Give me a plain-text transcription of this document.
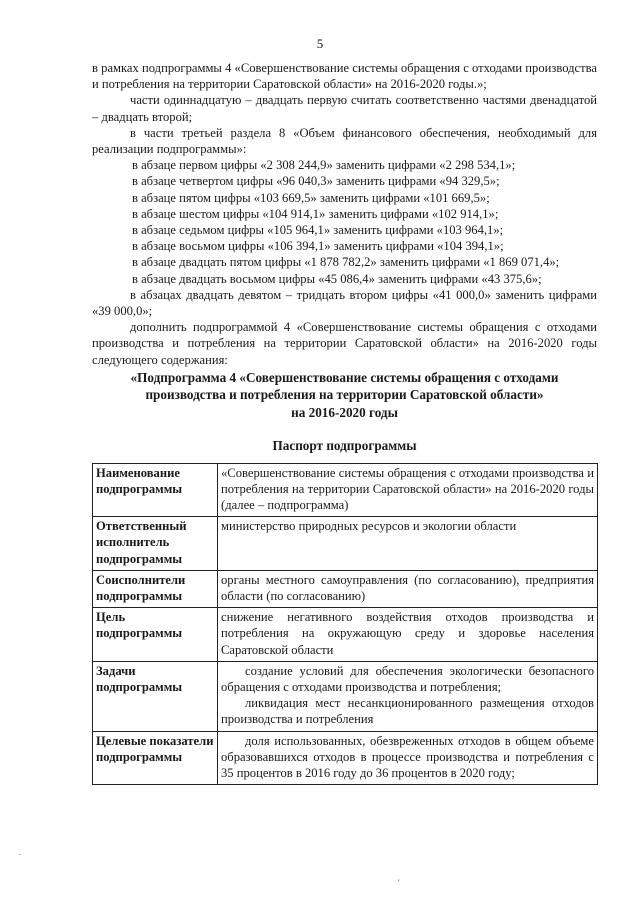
5

в рамках подпрограммы 4 «Совершенствование системы обращения с отходами производства и потребления на территории Саратовской области» на 2016-2020 годы.»;

части одиннадцатую – двадцать первую считать соответственно частями двенадцатой – двадцать второй;

в части третьей раздела 8 «Объем финансового обеспечения, необходимый для реализации подпрограммы»:

в абзаце первом цифры «2 308 244,9» заменить цифрами «2 298 534,1»;

в абзаце четвертом цифры «96 040,3» заменить цифрами «94 329,5»;

в абзаце пятом цифры «103 669,5» заменить цифрами «101 669,5»;

в абзаце шестом цифры «104 914,1» заменить цифрами «102 914,1»;

в абзаце седьмом цифры «105 964,1» заменить цифрами «103 964,1»;

в абзаце восьмом цифры «106 394,1» заменить цифрами «104 394,1»;

в абзаце двадцать пятом цифры «1 878 782,2» заменить цифрами «1 869 071,4»;

в абзаце двадцать восьмом цифры «45 086,4» заменить цифрами «43 375,6»;

в абзацах двадцать девятом – тридцать втором цифры «41 000,0» заменить цифрами «39 000,0»;

дополнить подпрограммой 4 «Совершенствование системы обращения с отходами производства и потребления на территории Саратовской области» на 2016-2020 годы следующего содержания:

«Подпрограмма 4 «Совершенствование системы обращения с отходами

производства и потребления на территории Саратовской области»

на 2016-2020 годы

Паспорт подпрограммы

Наименование подпрограммы	«Совершенствование системы обращения с отходами производства и потребления на территории Саратовской области» на 2016-2020 годы (далее – подпрограмма)

Ответственный исполнитель подпрограммы	министерство природных ресурсов и экологии области

Соисполнители подпрограммы	органы местного самоуправления (по согласованию), предприятия области (по согласованию)

Цель подпрограммы	снижение негативного воздействия отходов производства и потребления на окружающую среду и здоровье населения Саратовской области

Задачи подпрограммы	создание условий для обеспечения экологически безопасного обращения с отходами производства и потребления;
ликвидация мест несанкционированного размещения отходов производства и потребления

Целевые показатели подпрограммы	доля использованных, обезвреженных отходов в общем объеме образовавшихся отходов в процессе производства и потребления с 35 процентов в 2016 году до 36 процентов в 2020 году;
·
‘
